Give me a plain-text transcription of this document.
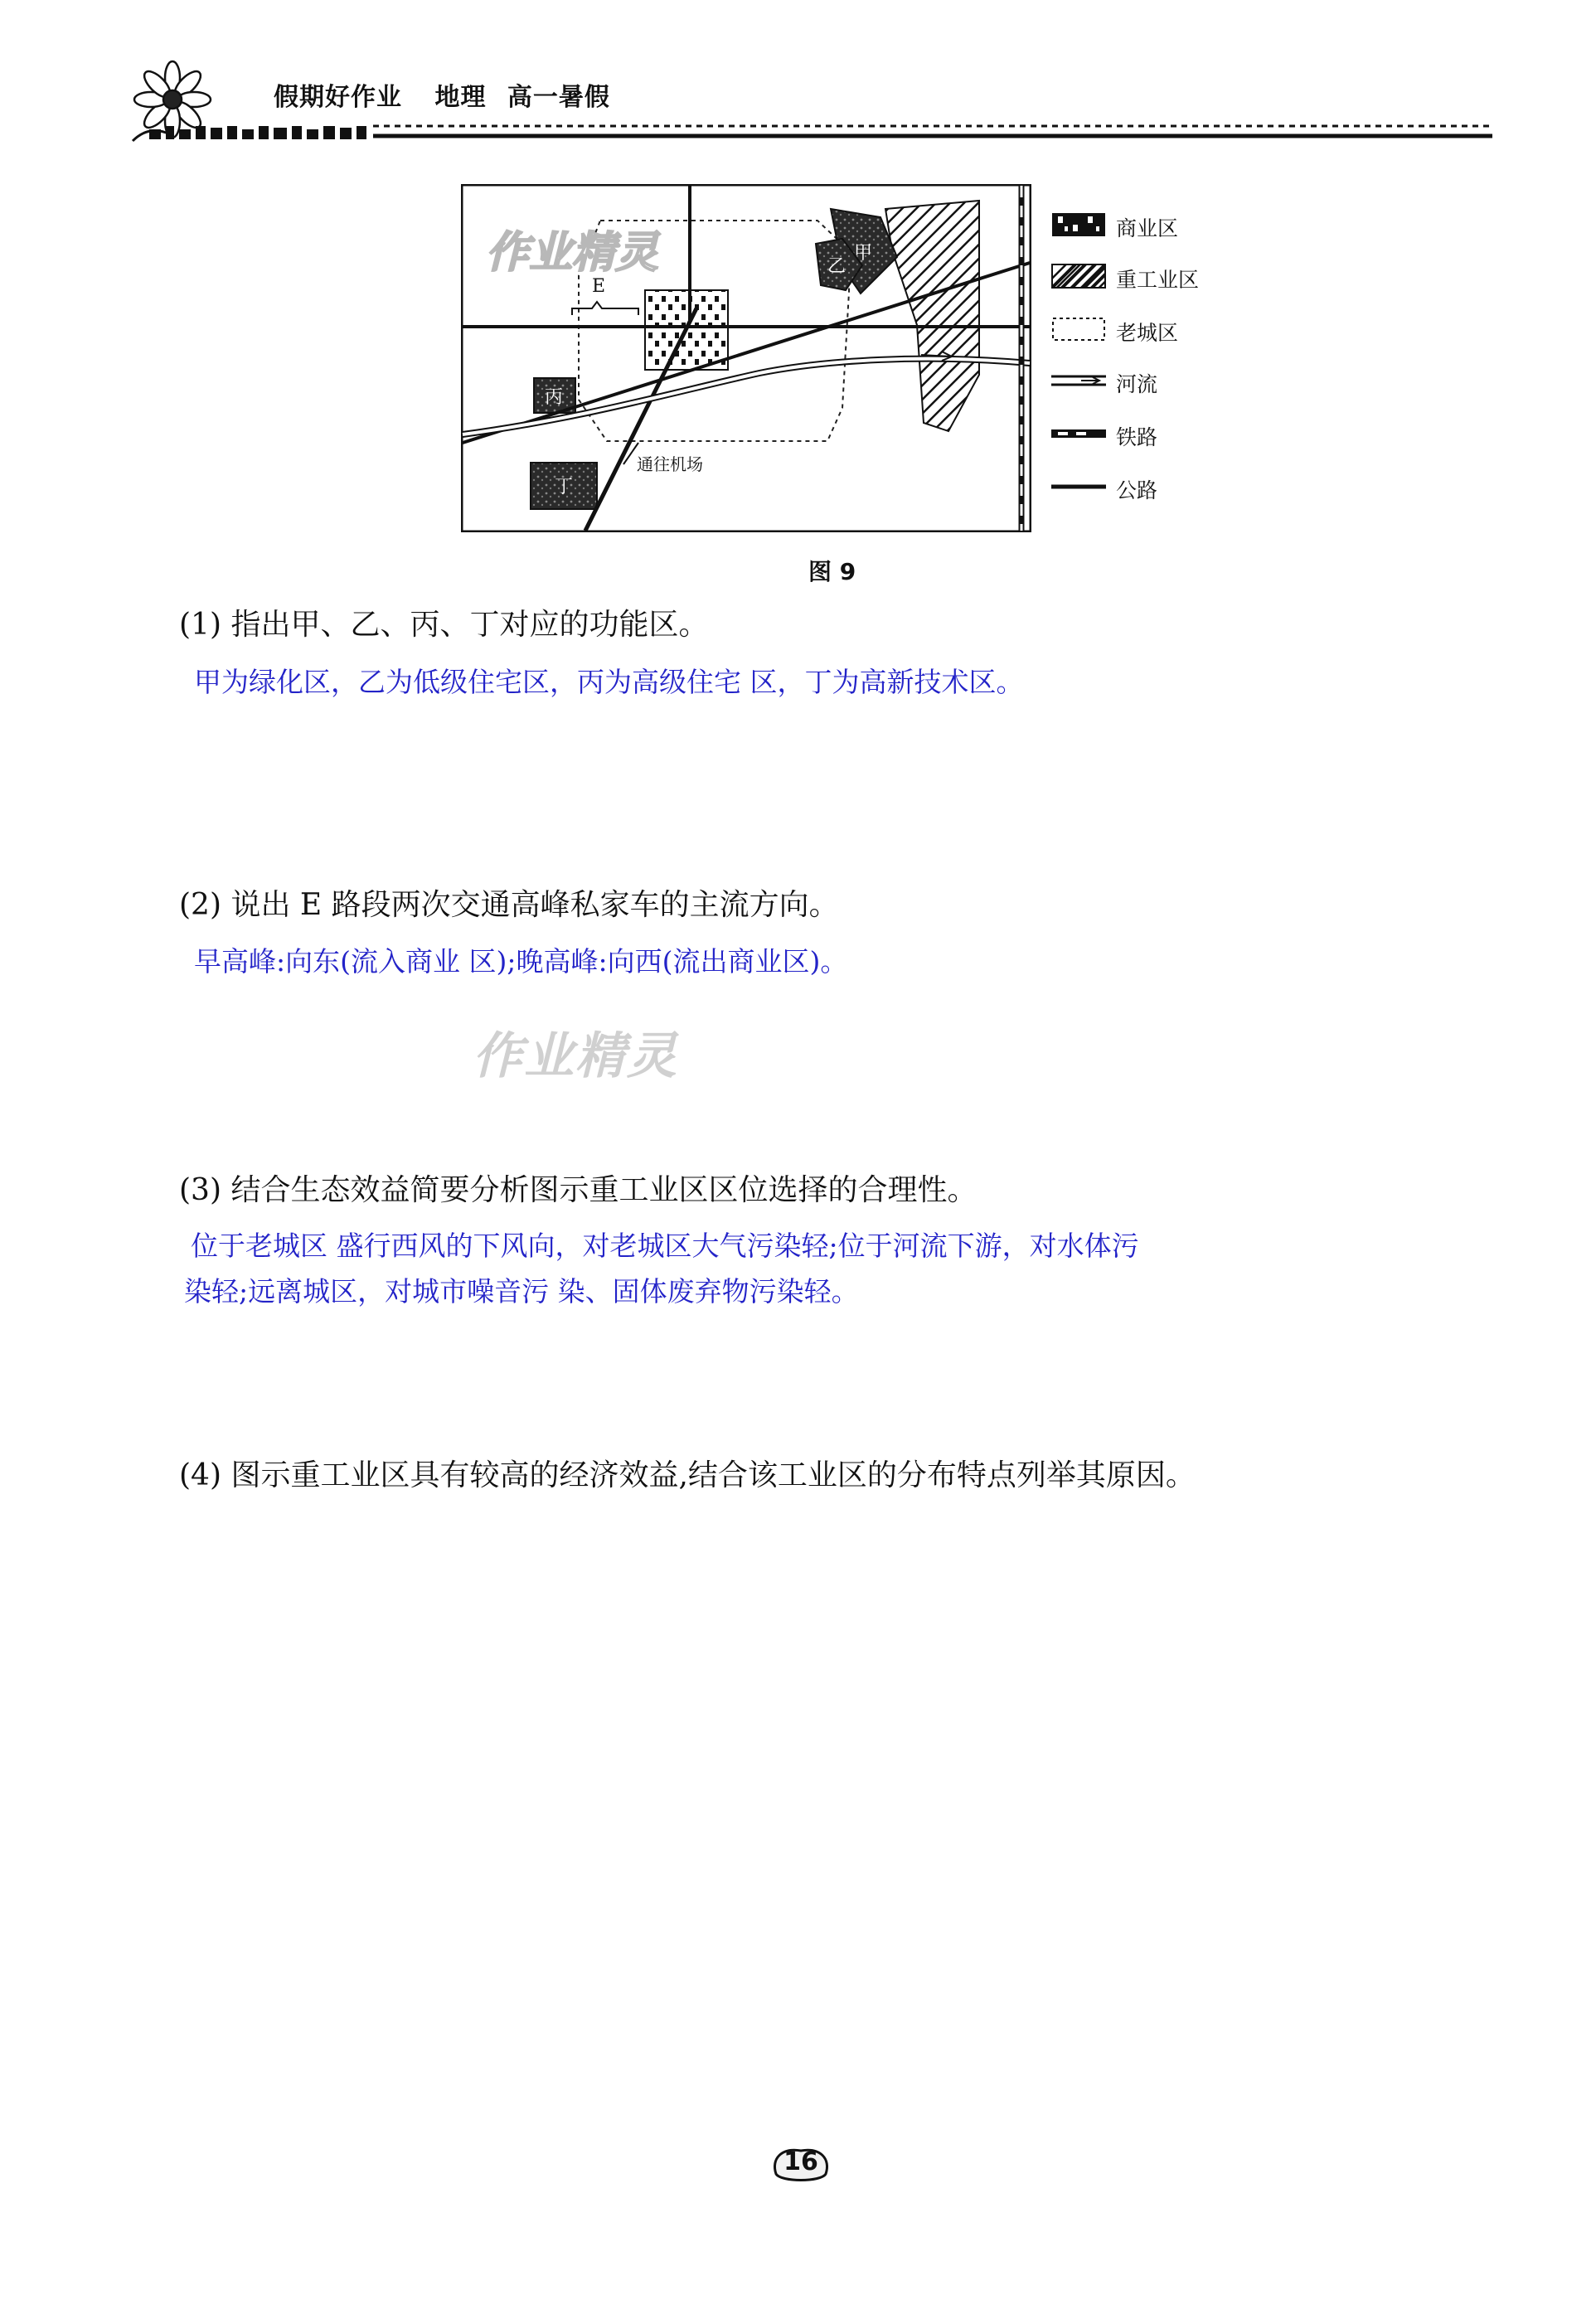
假期好作业 地理 高一暑假
E
甲
乙
丙
丁
通往机场
作业精灵	商业区
重工业区
老城区
河流
铁路
公路
图 9
(1) 指出甲、乙、丙、丁对应的功能区。
甲为绿化区，乙为低级住宅区，丙为高级住宅 区，丁为高新技术区。
(2) 说出 E 路段两次交通高峰私家车的主流方向。
早高峰:向东(流入商业 区);晚高峰:向西(流出商业区)。
作业精灵
(3) 结合生态效益简要分析图示重工业区区位选择的合理性。
位于老城区 盛行西风的下风向，对老城区大气污染轻;位于河流下游，对水体污
染轻;远离城区，对城市噪音污 染、固体废弃物污染轻。
(4) 图示重工业区具有较高的经济效益,结合该工业区的分布特点列举其原因。
16
